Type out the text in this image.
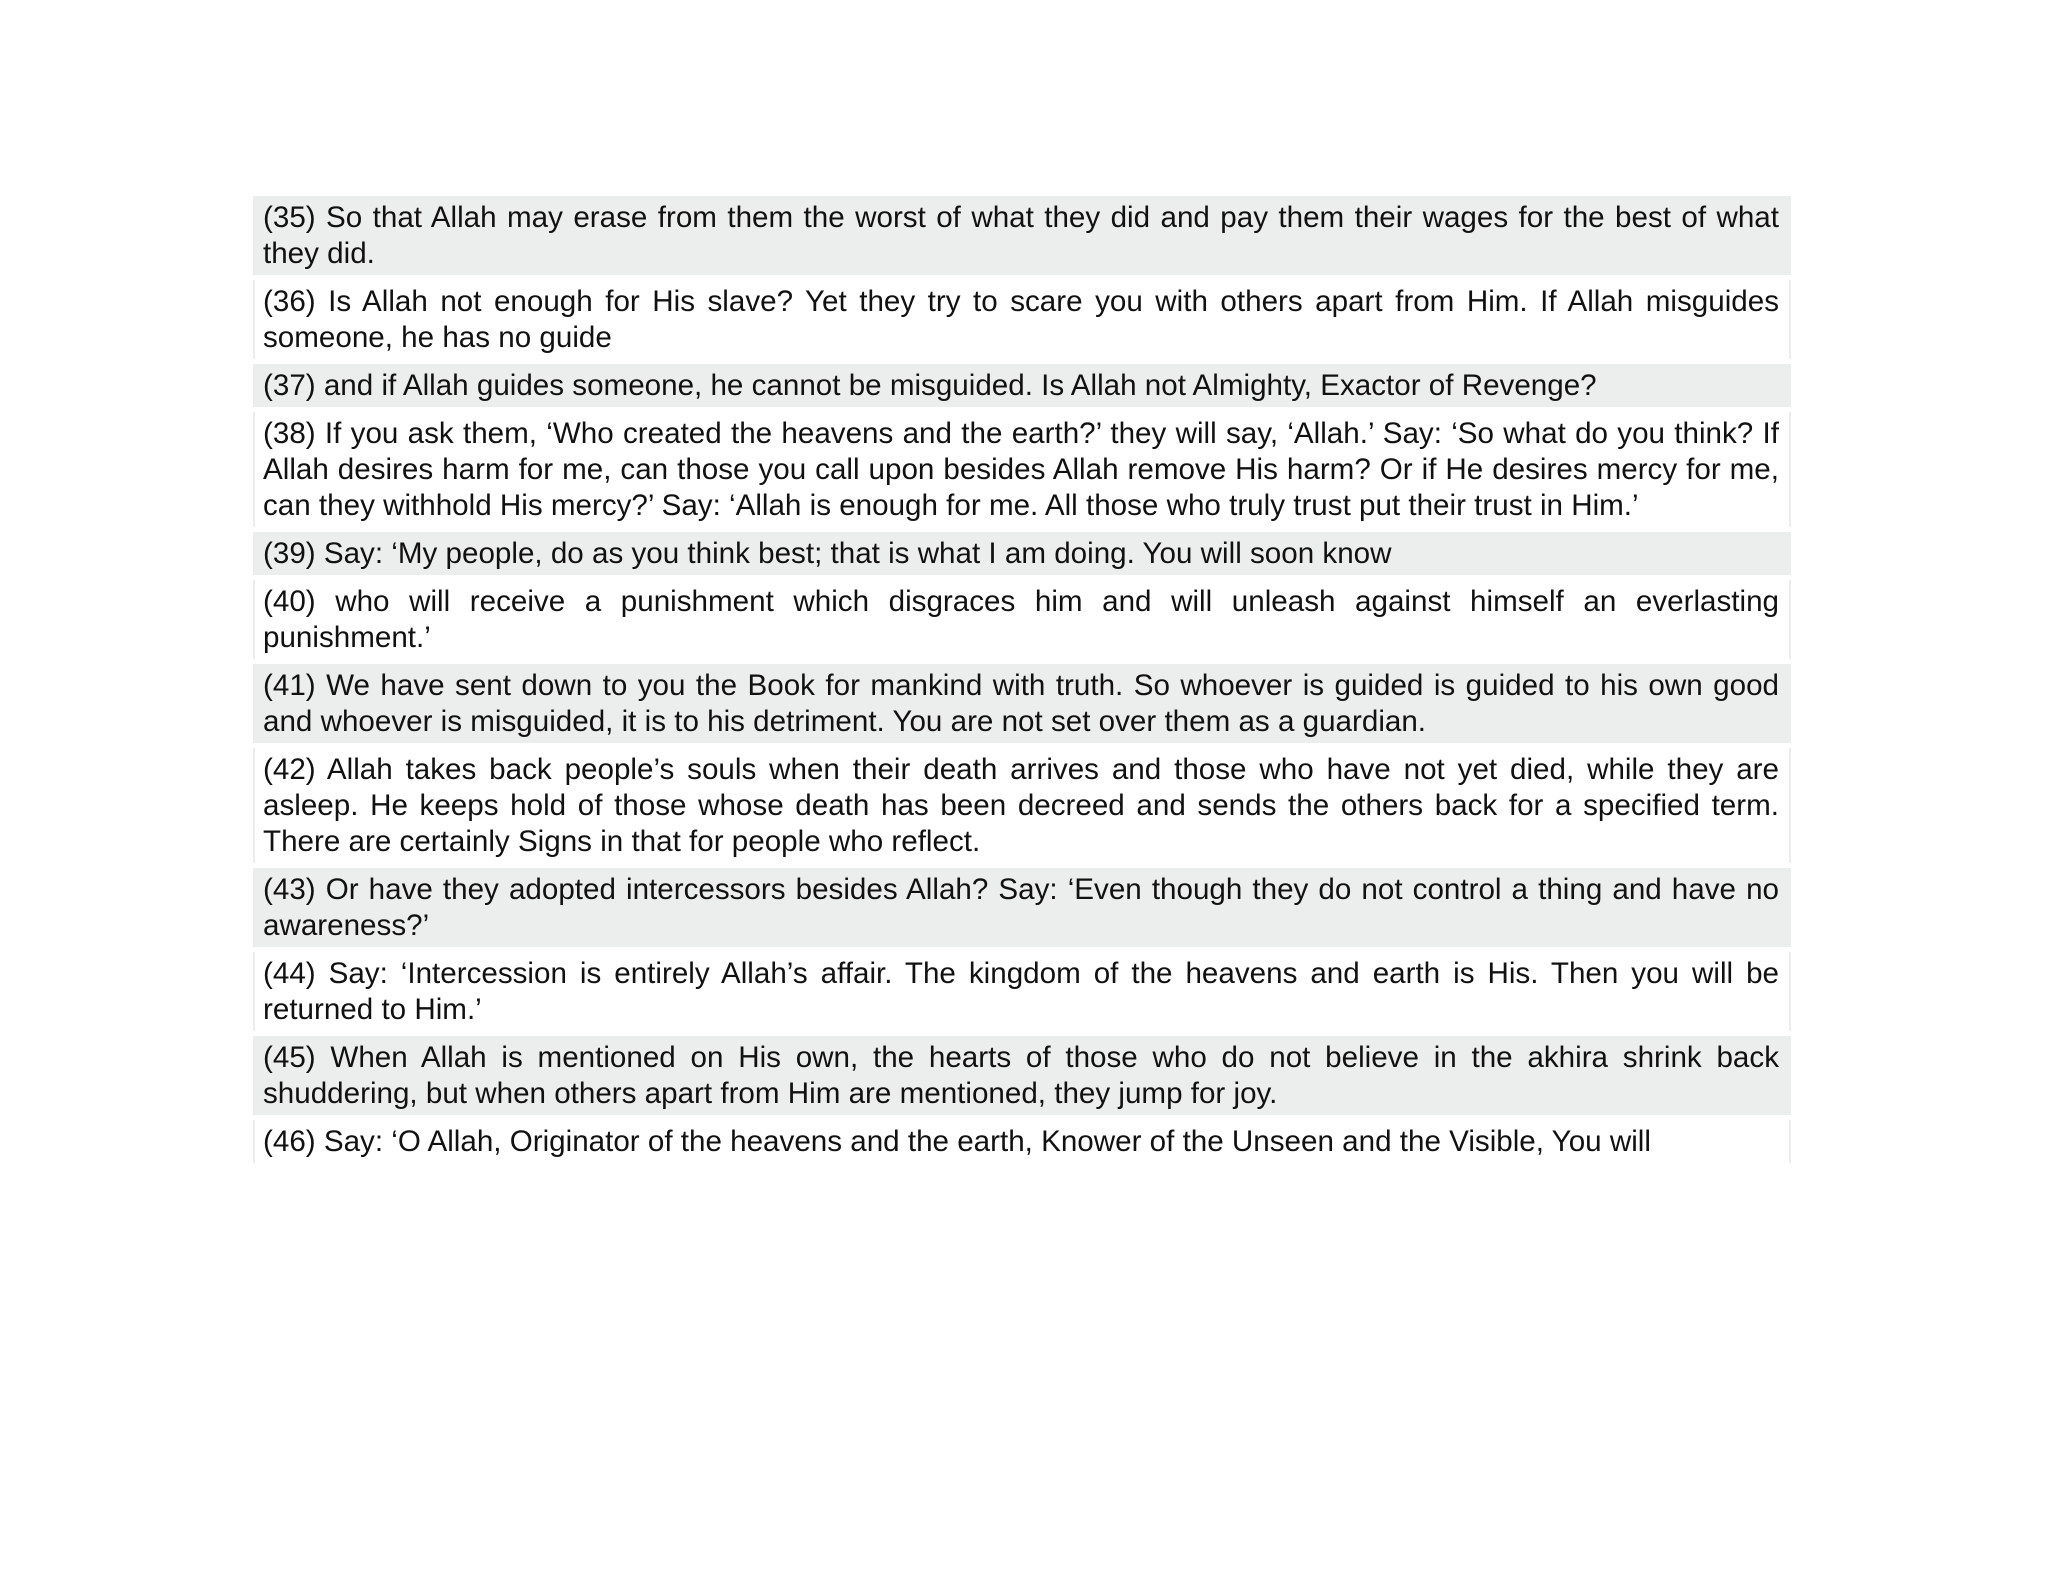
(35) So that Allah may erase from them the worst of what they did and pay them their wages for the best of what they did.
(36) Is Allah not enough for His slave? Yet they try to scare you with others apart from Him. If Allah misguides someone, he has no guide
(37) and if Allah guides someone, he cannot be misguided. Is Allah not Almighty, Exactor of Revenge?
(38) If you ask them, ‘Who created the heavens and the earth?’ they will say, ‘Allah.’ Say: ‘So what do you think? If Allah desires harm for me, can those you call upon besides Allah remove His harm? Or if He desires mercy for me, can they withhold His mercy?’ Say: ‘Allah is enough for me. All those who truly trust put their trust in Him.’
(39) Say: ‘My people, do as you think best; that is what I am doing. You will soon know
(40) who will receive a punishment which disgraces him and will unleash against himself an everlasting punishment.’
(41) We have sent down to you the Book for mankind with truth. So whoever is guided is guided to his own good and whoever is misguided, it is to his detriment. You are not set over them as a guardian.
(42) Allah takes back people’s souls when their death arrives and those who have not yet died, while they are asleep. He keeps hold of those whose death has been decreed and sends the others back for a specified term. There are certainly Signs in that for people who reflect.
(43) Or have they adopted intercessors besides Allah? Say: ‘Even though they do not control a thing and have no awareness?’
(44) Say: ‘Intercession is entirely Allah’s affair. The kingdom of the heavens and earth is His. Then you will be returned to Him.’
(45) When Allah is mentioned on His own, the hearts of those who do not believe in the akhira shrink back shuddering, but when others apart from Him are mentioned, they jump for joy.
(46) Say: ‘O Allah, Originator of the heavens and the earth, Knower of the Unseen and the Visible, You will
